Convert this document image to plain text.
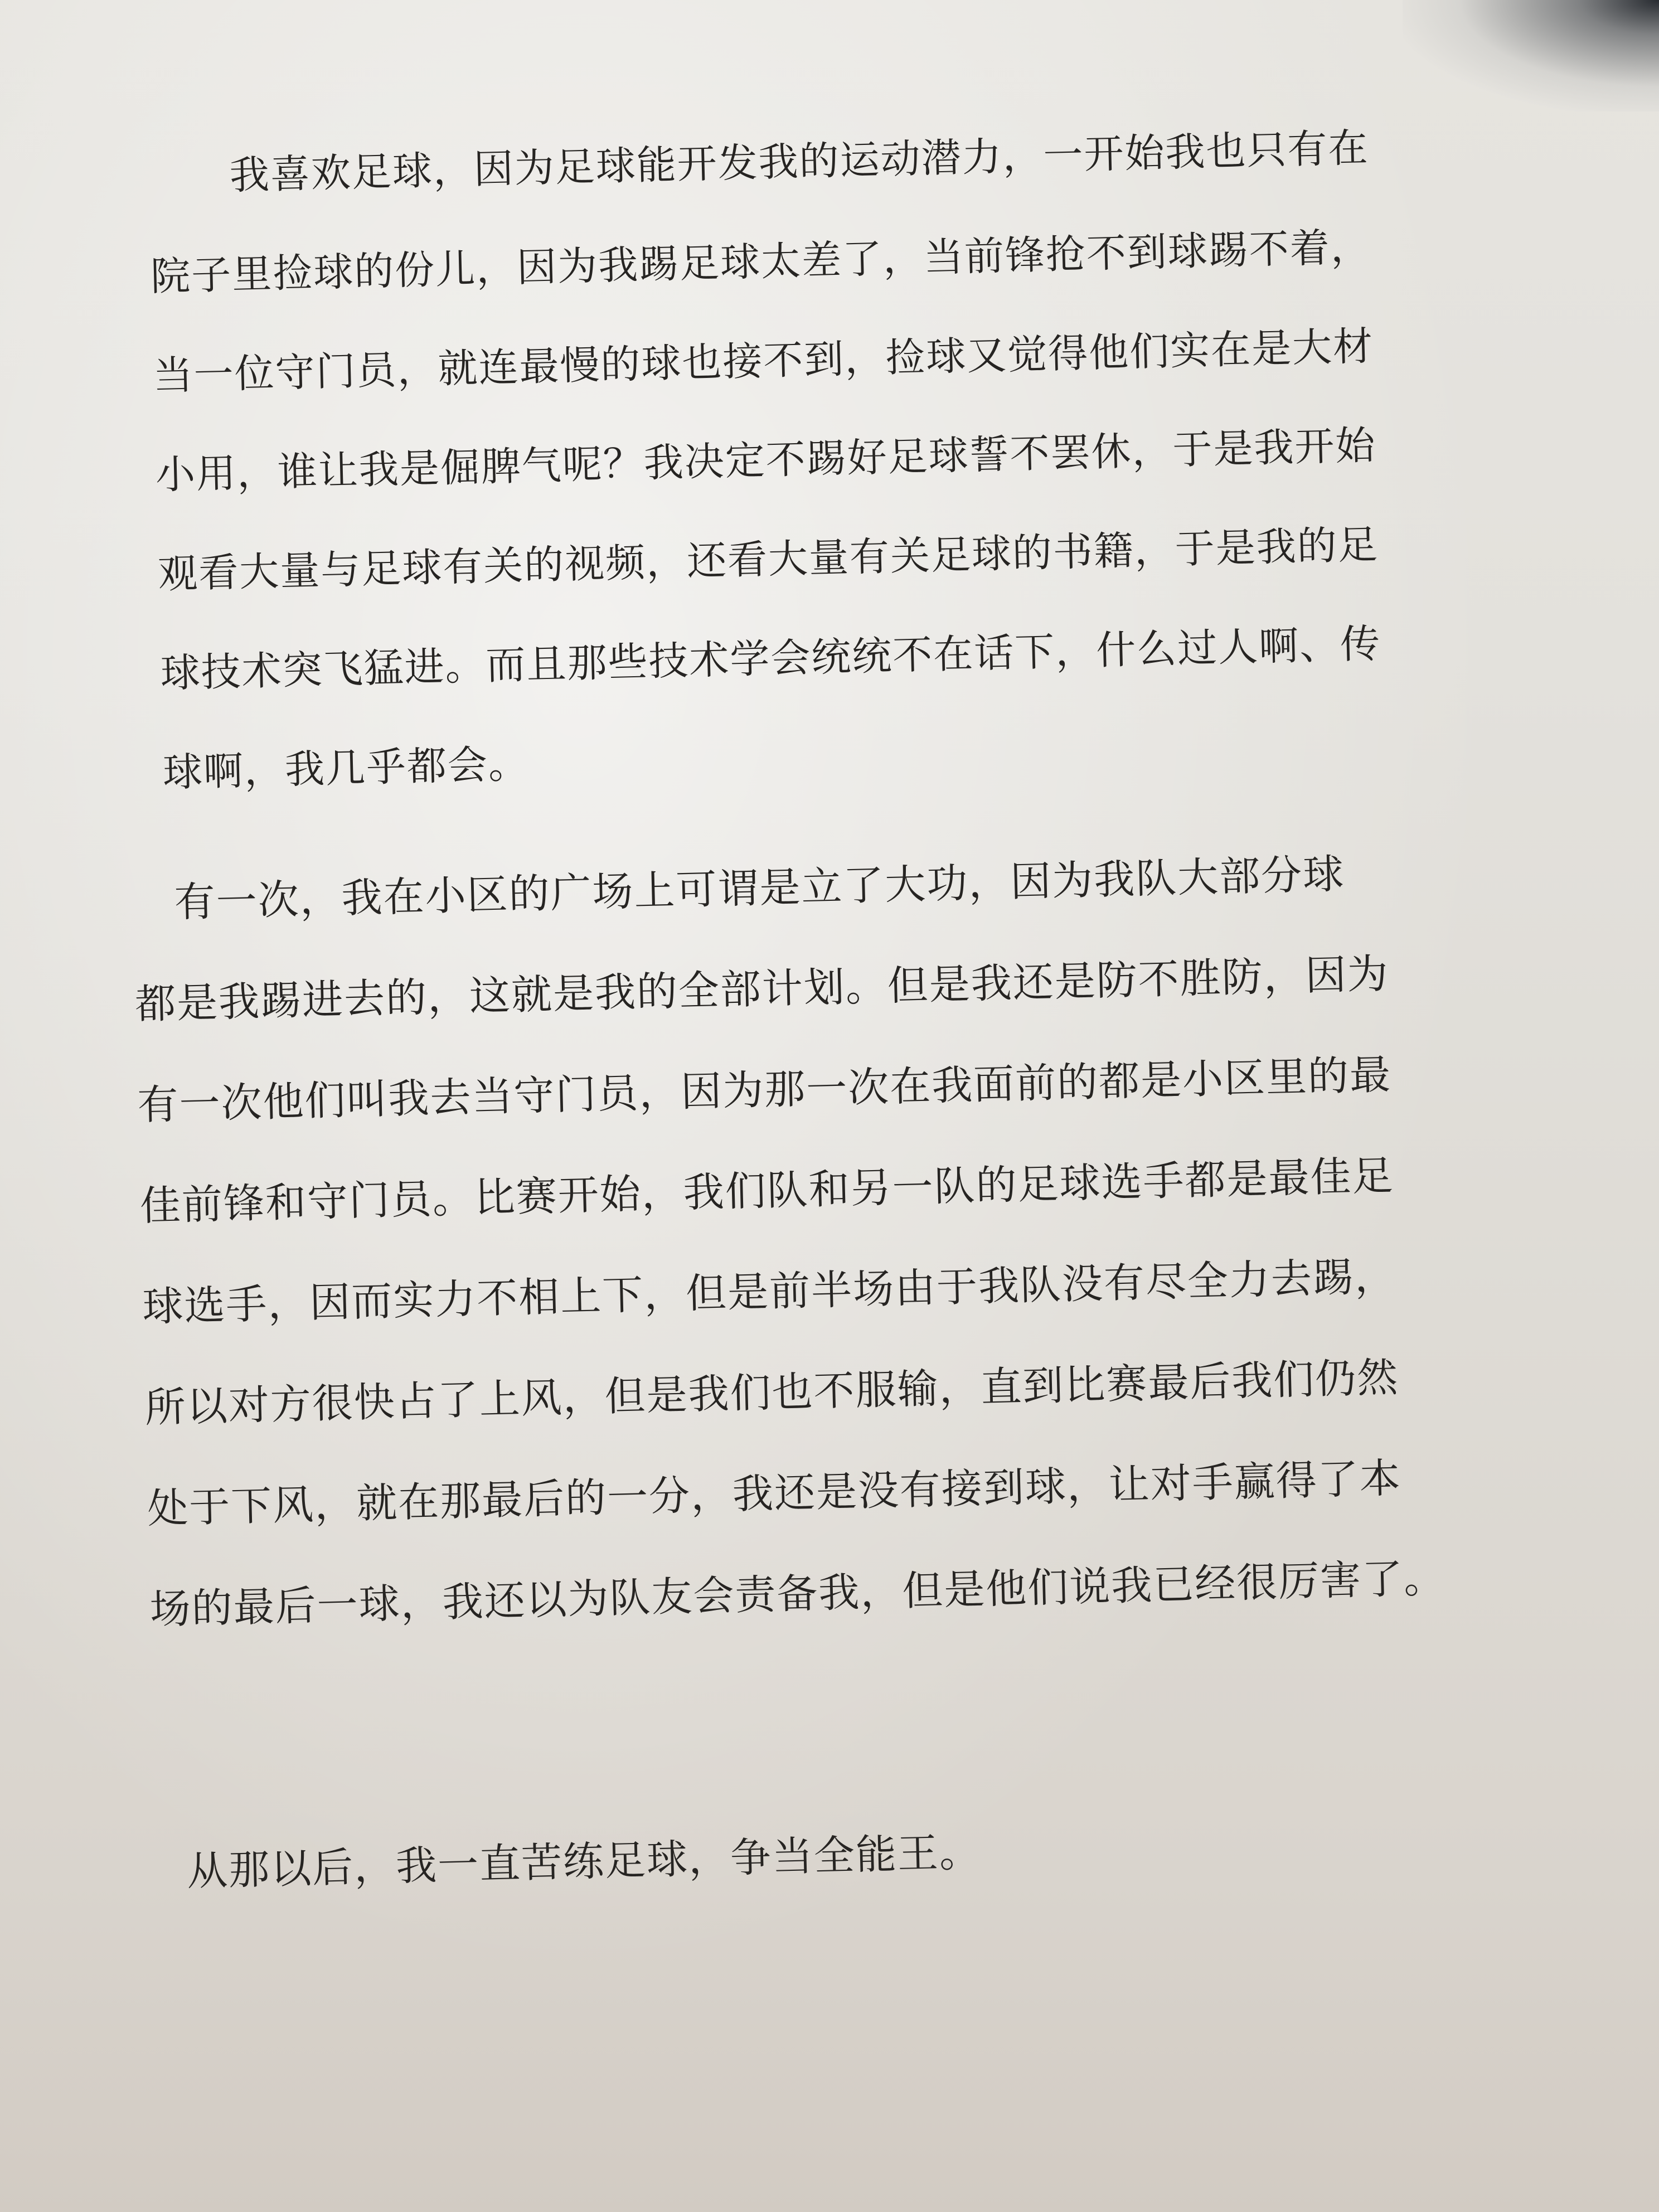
　　我喜欢足球，因为足球能开发我的运动潜力，一开始我也只有在
院子里捡球的份儿，因为我踢足球太差了，当前锋抢不到球踢不着，
当一位守门员，就连最慢的球也接不到，捡球又觉得他们实在是大材
小用，谁让我是倔脾气呢？我决定不踢好足球誓不罢休，于是我开始
观看大量与足球有关的视频，还看大量有关足球的书籍，于是我的足
球技术突飞猛进。而且那些技术学会统统不在话下，什么过人啊、传
球啊，我几乎都会。
　有一次，我在小区的广场上可谓是立了大功，因为我队大部分球
都是我踢进去的，这就是我的全部计划。但是我还是防不胜防，因为
有一次他们叫我去当守门员，因为那一次在我面前的都是小区里的最
佳前锋和守门员。比赛开始，我们队和另一队的足球选手都是最佳足
球选手，因而实力不相上下，但是前半场由于我队没有尽全力去踢，
所以对方很快占了上风，但是我们也不服输，直到比赛最后我们仍然
处于下风，就在那最后的一分，我还是没有接到球，让对手赢得了本
场的最后一球，我还以为队友会责备我，但是他们说我已经很厉害了。
从那以后，我一直苦练足球，争当全能王。
